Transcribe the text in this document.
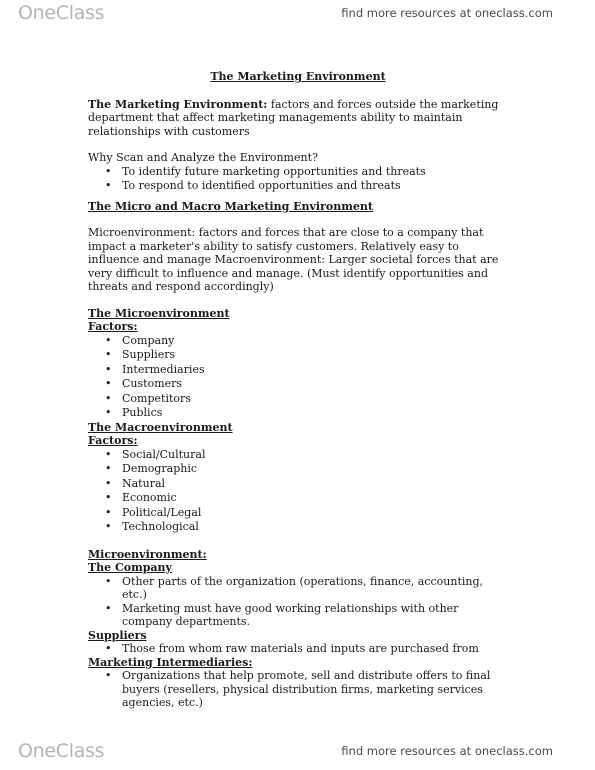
OneClass	find more resources at oneclass.com

The Marketing Environment

The Marketing Environment: factors and forces outside the marketing department that affect marketing managements ability to maintain relationships with customers

Why Scan and Analyze the Environment?

• To identify future marketing opportunities and threats
• To respond to identified opportunities and threats

The Micro and Macro Marketing Environment

Microenvironment: factors and forces that are close to a company that impact a marketer's ability to satisfy customers. Relatively easy to influence and manage Macroenvironment: Larger societal forces that are very difficult to influence and manage. (Must identify opportunities and threats and respond accordingly)

The Microenvironment

Factors:

• Company
• Suppliers
• Intermediaries
• Customers
• Competitors
• Publics

The Macroenvironment

Factors:

• Social/Cultural
• Demographic
• Natural
• Economic
• Political/Legal
• Technological

Microenvironment:

The Company

• Other parts of the organization (operations, finance, accounting, etc.)
• Marketing must have good working relationships with other company departments.

Suppliers

• Those from whom raw materials and inputs are purchased from

Marketing Intermediaries:

• Organizations that help promote, sell and distribute offers to final buyers (resellers, physical distribution firms, marketing services agencies, etc.)
OneClass	find more resources at oneclass.com
